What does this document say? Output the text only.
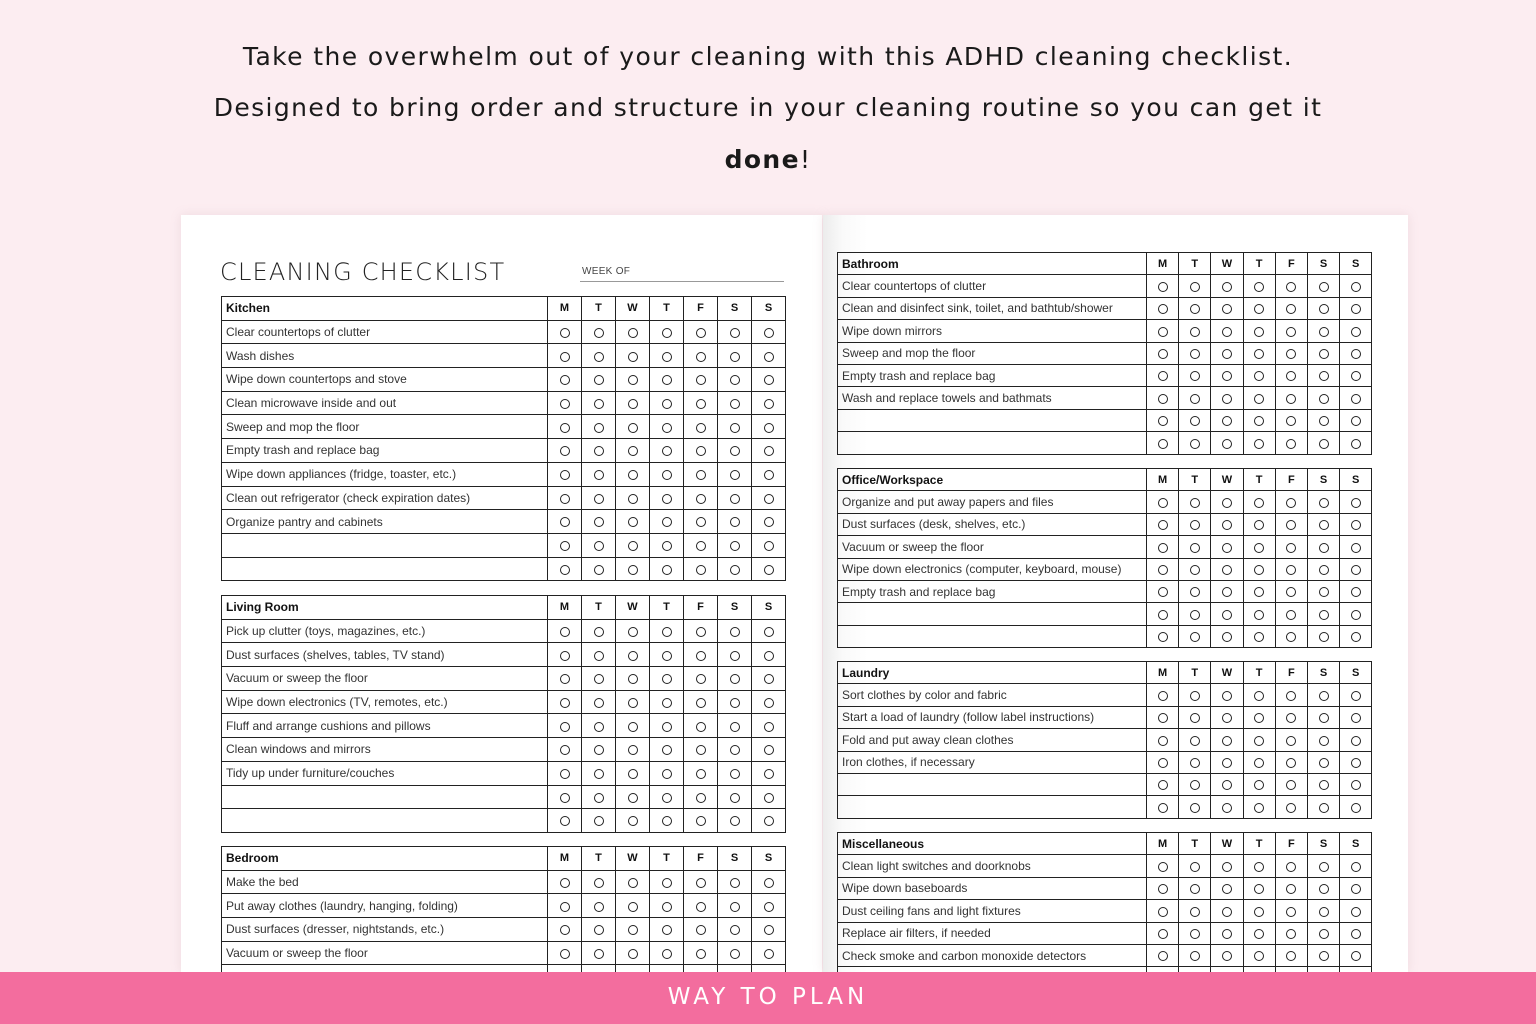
Take the overwhelm out of your cleaning with this ADHD cleaning checklist.
Designed to bring order and structure in your cleaning routine so you can get it
done!
CLEANING CHECKLIST	WEEK OF
Kitchen	M	T	W	T	F	S	S
Clear countertops of clutter							
Wash dishes							
Wipe down countertops and stove							
Clean microwave inside and out							
Sweep and mop the floor							
Empty trash and replace bag							
Wipe down appliances (fridge, toaster, etc.)							
Clean out refrigerator (check expiration dates)							
Organize pantry and cabinets							

Living Room	M	T	W	T	F	S	S
Pick up clutter (toys, magazines, etc.)							
Dust surfaces (shelves, tables, TV stand)							
Vacuum or sweep the floor							
Wipe down electronics (TV, remotes, etc.)							
Fluff and arrange cushions and pillows							
Clean windows and mirrors							
Tidy up under furniture/couches							

Bedroom	M	T	W	T	F	S	S
Make the bed							
Put away clothes (laundry, hanging, folding)							
Dust surfaces (dresser, nightstands, etc.)							
Vacuum or sweep the floor							

Bathroom	M	T	W	T	F	S	S
Clear countertops of clutter							
Clean and disinfect sink, toilet, and bathtub/shower							
Wipe down mirrors							
Sweep and mop the floor							
Empty trash and replace bag							
Wash and replace towels and bathmats							

Office/Workspace	M	T	W	T	F	S	S
Organize and put away papers and files							
Dust surfaces (desk, shelves, etc.)							
Vacuum or sweep the floor							
Wipe down electronics (computer, keyboard, mouse)							
Empty trash and replace bag							

Laundry	M	T	W	T	F	S	S
Sort clothes by color and fabric							
Start a load of laundry (follow label instructions)							
Fold and put away clean clothes							
Iron clothes, if necessary							

Miscellaneous	M	T	W	T	F	S	S
Clean light switches and doorknobs							
Wipe down baseboards							
Dust ceiling fans and light fixtures							
Replace air filters, if needed							
Check smoke and carbon monoxide detectors							

WAY TO PLAN
